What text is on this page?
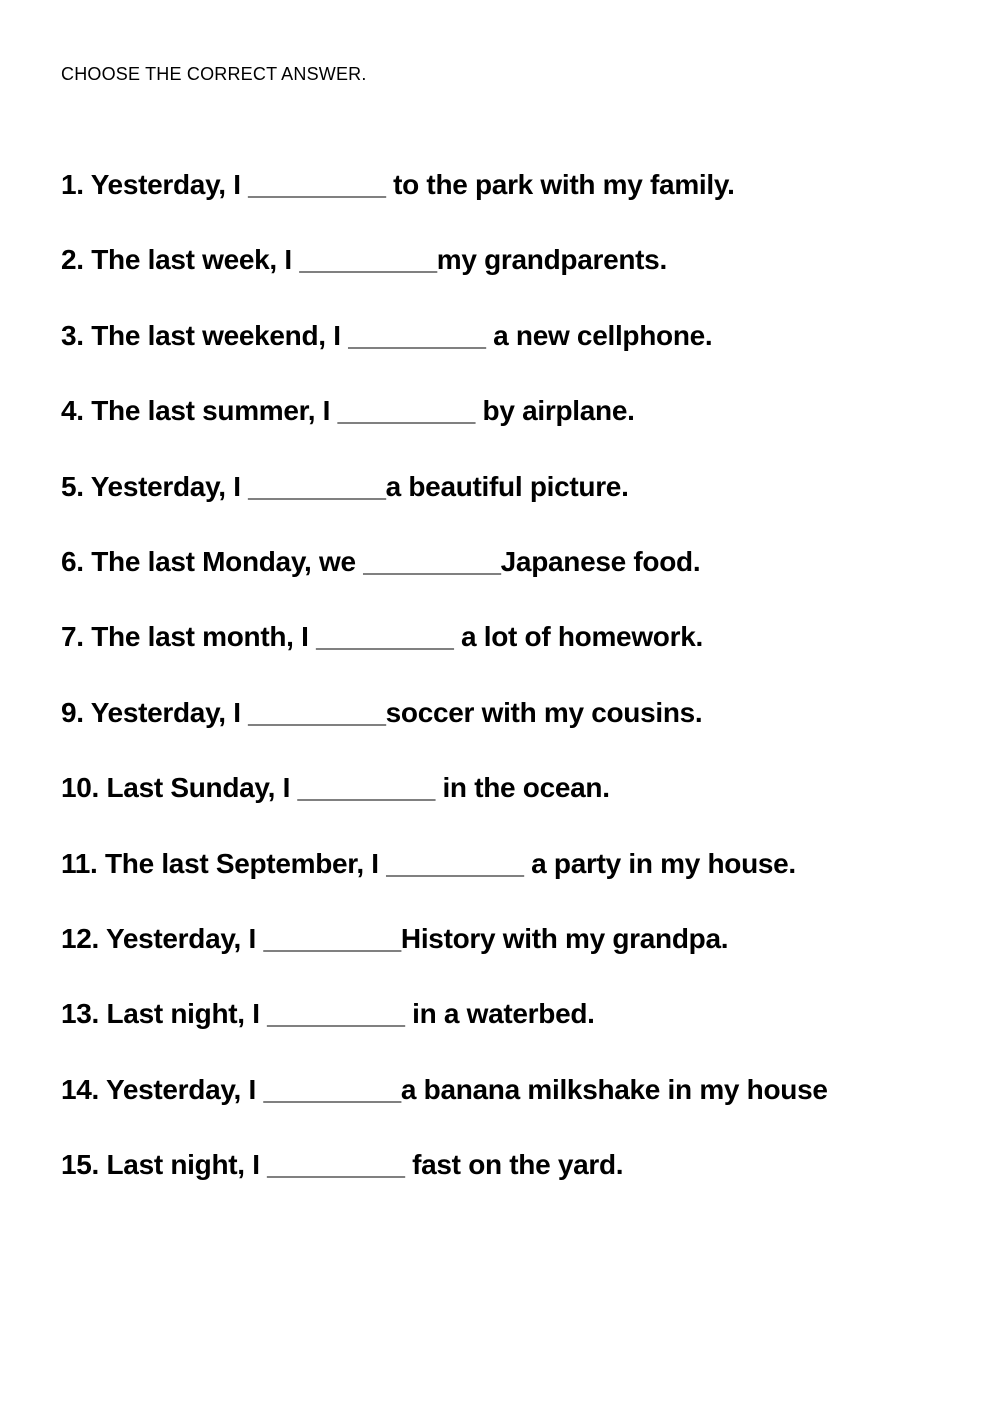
CHOOSE THE CORRECT ANSWER.
1. Yesterday, I _________ to the park with my family.
2. The last week, I _________my grandparents.
3. The last weekend, I _________ a new cellphone.
4. The last summer, I _________ by airplane.
5. Yesterday, I _________a beautiful picture.
6. The last Monday, we _________Japanese food.
7. The last month, I _________ a lot of homework.
9. Yesterday, I _________soccer with my cousins.
10. Last Sunday, I _________ in the ocean.
11. The last September, I _________ a party in my house.
12. Yesterday, I _________History with my grandpa.
13. Last night, I _________ in a waterbed.
14. Yesterday, I _________a banana milkshake in my house
15. Last night, I _________ fast on the yard.
